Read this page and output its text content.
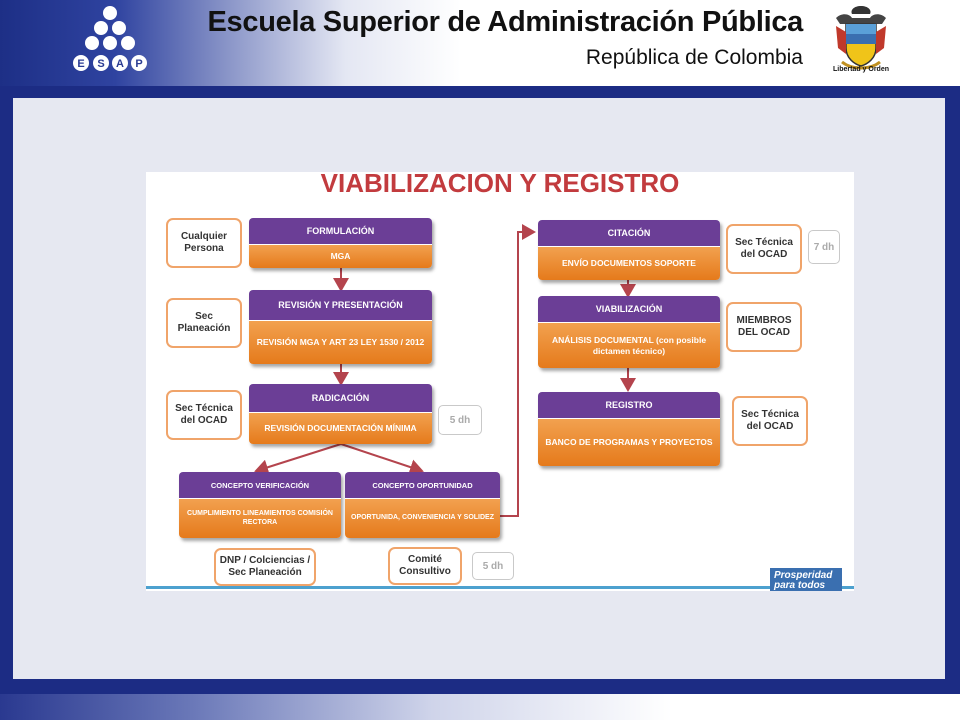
E S A P
Escuela Superior de Administración Pública
República de Colombia
Libertad y Orden
VIABILIZACION Y REGISTRO
Cualquier Persona
FORMULACIÓN
MGA
Sec Planeación
REVISIÓN Y PRESENTACIÓN
REVISIÓN MGA Y ART 23 LEY 1530 / 2012
Sec Técnica del OCAD
RADICACIÓN
REVISIÓN DOCUMENTACIÓN MÍNIMA
5 dh
CONCEPTO VERIFICACIÓN
CUMPLIMIENTO LINEAMIENTOS COMISIÓN RECTORA
CONCEPTO OPORTUNIDAD
OPORTUNIDA, CONVENIENCIA Y SOLIDEZ
DNP / Colciencias / Sec Planeación
Comité Consultivo	5 dh
CITACIÓN
ENVÍO DOCUMENTOS SOPORTE
Sec Técnica del OCAD
7 dh
VIABILIZACIÓN
ANÁLISIS DOCUMENTAL (con posible dictamen técnico)
MIEMBROS DEL OCAD
REGISTRO
BANCO DE PROGRAMAS Y PROYECTOS
Sec Técnica del OCAD
Prosperidad para todos
